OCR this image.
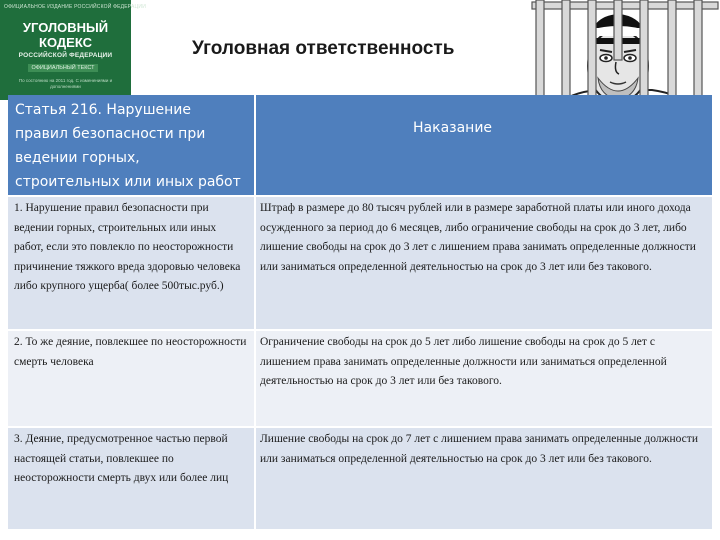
ОФИЦИАЛЬНОЕ ИЗДАНИЕ РОССИЙСКОЙ ФЕДЕРАЦИИ
УГОЛОВНЫЙ
КОДЕКС
РОССИЙСКОЙ ФЕДЕРАЦИИ
ОФИЦИАЛЬНЫЙ ТЕКСТ
По состоянию на 2011 год. С изменениями и дополнениями
Уголовная ответственность
Статья 216. Нарушение правил безопасности при ведении горных, строительных или иных работ
Наказание
1. Нарушение правил безопасности при ведении горных, строительных или иных работ, если это повлекло по неосторожности причинение тяжкого вреда здоровью человека либо крупного ущерба( более 500тыс.руб.)
Штраф в размере до 80 тысяч рублей или в размере заработной платы или иного дохода осужденного за период до 6 месяцев, либо ограничение свободы на срок до 3 лет, либо лишение свободы на срок до 3 лет с лишением права занимать определенные должности или заниматься определенной деятельностью на срок до 3 лет или без такового.
2. То же деяние, повлекшее по неосторожности смерть человека
Ограничение свободы на срок до 5 лет либо лишение свободы на срок до 5 лет с лишением права занимать определенные должности или заниматься определенной деятельностью на срок до 3 лет или без такового.
3. Деяние, предусмотренное частью первой настоящей статьи, повлекшее по неосторожности смерть двух или более лиц
Лишение свободы на срок до 7 лет с лишением права занимать определенные должности или заниматься определенной деятельностью на срок до 3 лет или без такового.
